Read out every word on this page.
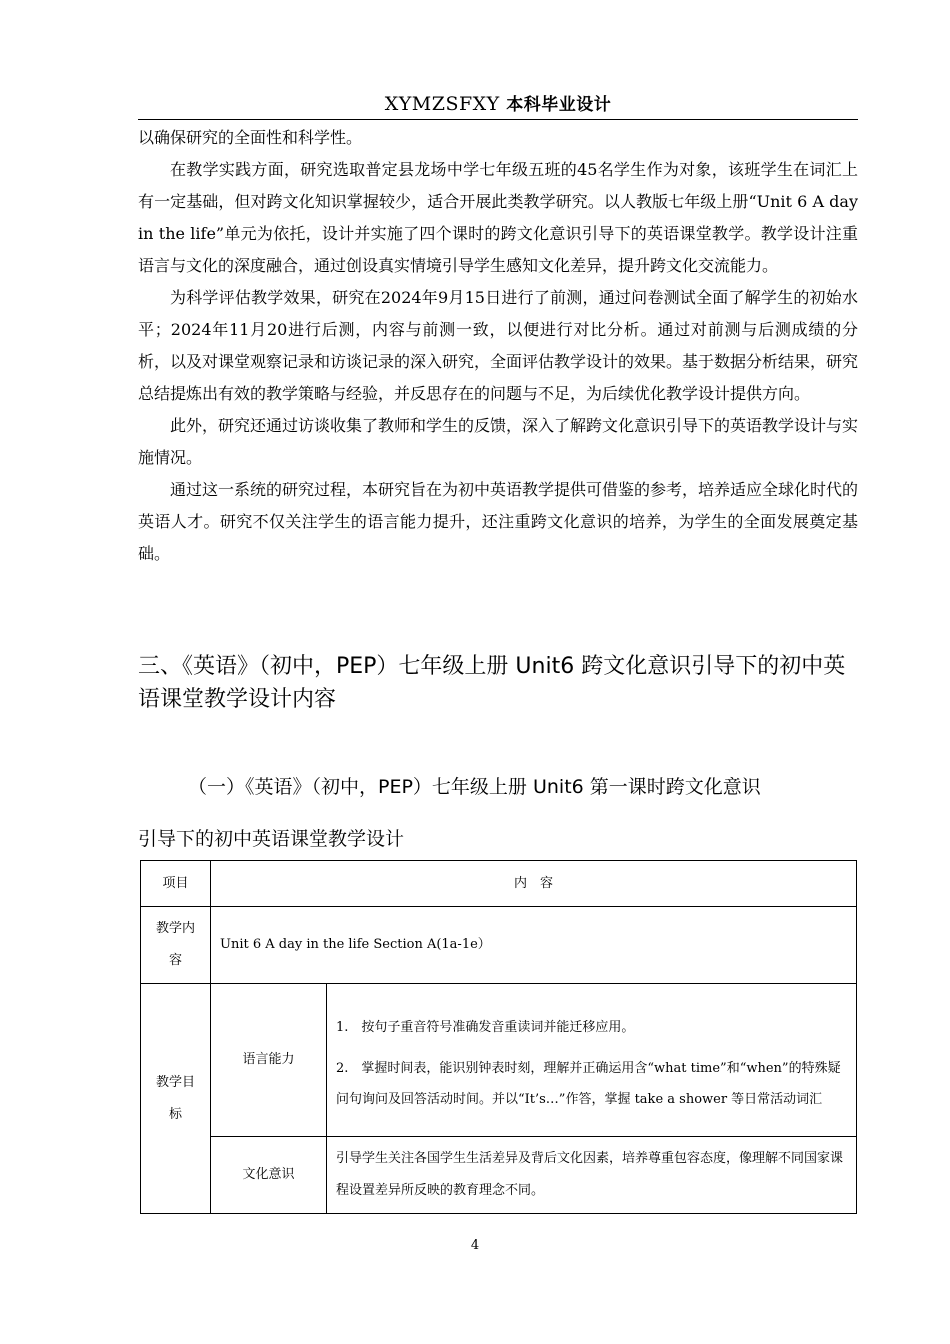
XYMZSFXY 本科毕业设计

以确保研究的全面性和科学性。

在教学实践方面，研究选取普定县龙场中学七年级五班的45名学生作为对象，该班学生在词汇上有一定基础，但对跨文化知识掌握较少，适合开展此类教学研究。以人教版七年级上册“Unit 6 A day in the life”单元为依托，设计并实施了四个课时的跨文化意识引导下的英语课堂教学。教学设计注重语言与文化的深度融合，通过创设真实情境引导学生感知文化差异，提升跨文化交流能力。

为科学评估教学效果，研究在2024年9月15日进行了前测，通过问卷测试全面了解学生的初始水平；2024年11月20进行后测，内容与前测一致，以便进行对比分析。通过对前测与后测成绩的分析，以及对课堂观察记录和访谈记录的深入研究，全面评估教学设计的效果。基于数据分析结果，研究总结提炼出有效的教学策略与经验，并反思存在的问题与不足，为后续优化教学设计提供方向。

此外，研究还通过访谈收集了教师和学生的反馈，深入了解跨文化意识引导下的英语教学设计与实施情况。

通过这一系统的研究过程，本研究旨在为初中英语教学提供可借鉴的参考，培养适应全球化时代的英语人才。研究不仅关注学生的语言能力提升，还注重跨文化意识的培养，为学生的全面发展奠定基础。

三、《英语》（初中，PEP）七年级上册 Unit6 跨文化意识引导下的初中英语课堂教学设计内容
（一）《英语》（初中，PEP）七年级上册 Unit6 第一课时跨文化意识
引导下的初中英语课堂教学设计
项目	内　容	
教学内容	Unit 6 A day in the life Section A(1a-1e）	
教学目标	语言能力	1.　按句子重音符号准确发音重读词并能迁移应用。
2.　掌握时间表，能识别钟表时刻，理解并正确运用含“what time”和“when”的特殊疑问句询问及回答活动时间。并以“It’s…”作答，掌握 take a shower 等日常活动词汇

	文化意识	引导学生关注各国学生生活差异及背后文化因素，培养尊重包容态度，像理解不同国家课程设置差异所反映的教育理念不同。
4
